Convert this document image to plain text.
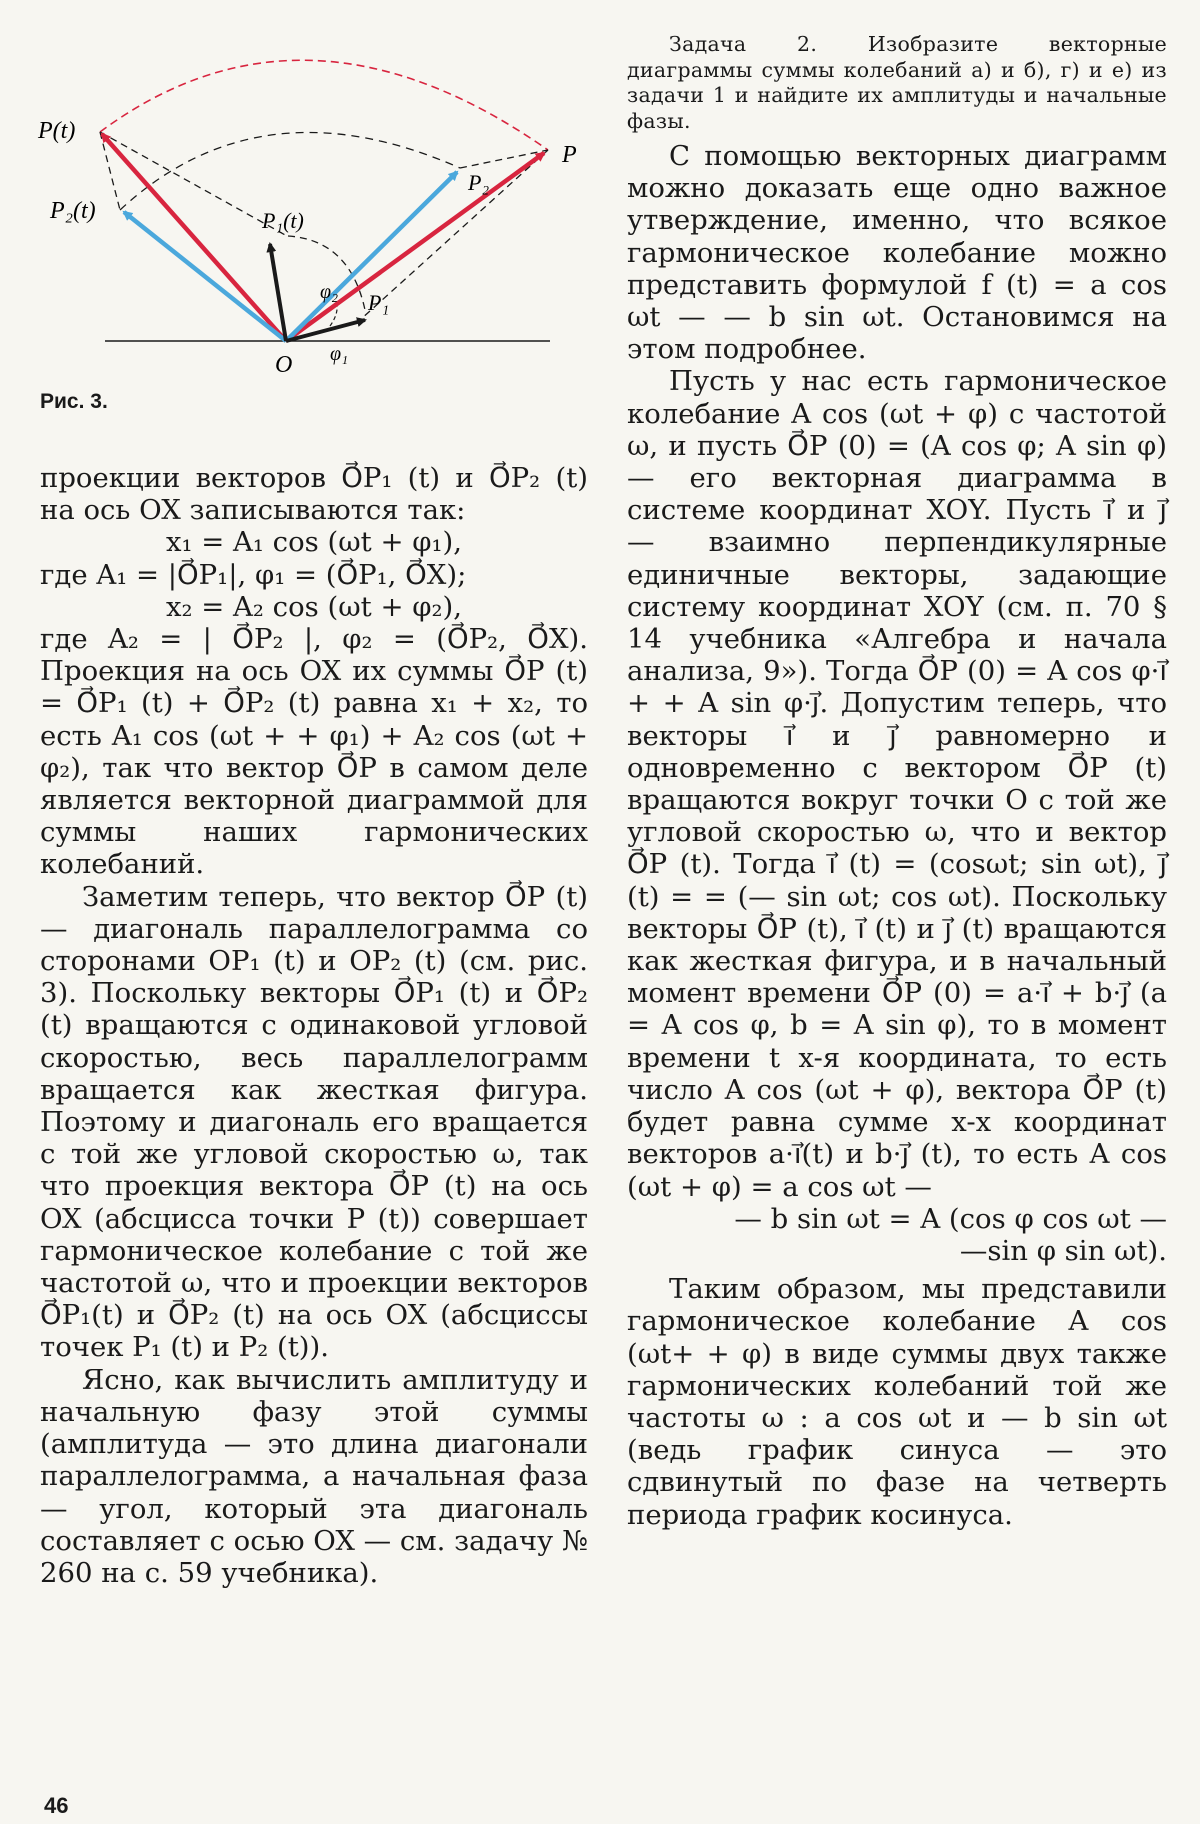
P(t)
P₂(t)	P₁(t)
P
P₂
P₁
O
φ₂
φ₁
Рис. 3.

проекции векторов O⃗P₁ (t) и O⃗P₂ (t) на ось OX записываются так:

x₁ = A₁ cos (ωt + φ₁),

где A₁ = |O⃗P₁|, φ₁ = (O⃗P₁, O⃗X);

x₂ = A₂ cos (ωt + φ₂),

где A₂ = | O⃗P₂ |, φ₂ = (O⃗P₂, O⃗X). Проекция на ось OX их суммы O⃗P (t) = O⃗P₁ (t) + O⃗P₂ (t) равна x₁ + x₂, то есть A₁ cos (ωt + + φ₁) + A₂ cos (ωt + φ₂), так что вектор O⃗P в самом деле является векторной диаграммой для суммы наших гармонических колебаний.

Заметим теперь, что вектор O⃗P (t) — диагональ параллелограмма со сторонами OP₁ (t) и OP₂ (t) (см. рис. 3). Поскольку векторы O⃗P₁ (t) и O⃗P₂ (t) вращаются с одинаковой угловой скоростью, весь параллелограмм вращается как жесткая фигура. Поэтому и диагональ его вращается с той же угловой скоростью ω, так что проекция вектора O⃗P (t) на ось OX (абсцисса точки P (t)) совершает гармоническое колебание с той же частотой ω, что и проекции векторов O⃗P₁(t) и O⃗P₂ (t) на ось OX (абсциссы точек P₁ (t) и P₂ (t)).

Ясно, как вычислить амплитуду и начальную фазу этой суммы (амплитуда — это длина диагонали параллелограмма, а начальная фаза — угол, который эта диагональ составляет с осью OX — см. задачу № 260 на с. 59 учебника).

Задача 2. Изобразите векторные диаграммы суммы колебаний а) и б), г) и е) из задачи 1 и найдите их амплитуды и начальные фазы.

С помощью векторных диаграмм можно доказать еще одно важное утверждение, именно, что всякое гармоническое колебание можно представить формулой f (t) = a cos ωt — — b sin ωt. Остановимся на этом подробнее.

Пусть у нас есть гармоническое колебание A cos (ωt + φ) с частотой ω, и пусть O⃗P (0) = (A cos φ; A sin φ) — его векторная диаграмма в системе координат XOY. Пусть i⃗ и j⃗ — взаимно перпендикулярные единичные векторы, задающие систему координат XOY (см. п. 70 § 14 учебника «Алгебра и начала анализа, 9»). Тогда O⃗P (0) = A cos φ·i⃗ + + A sin φ·j⃗. Допустим теперь, что векторы i⃗ и j⃗ равномерно и одновременно с вектором O⃗P (t) вращаются вокруг точки O с той же угловой скоростью ω, что и вектор O⃗P (t). Тогда i⃗ (t) = (cosωt; sin ωt), j⃗ (t) = = (— sin ωt; cos ωt). Поскольку векторы O⃗P (t), i⃗ (t) и j⃗ (t) вращаются как жесткая фигура, и в начальный момент времени O⃗P (0) = a·i⃗ + b·j⃗ (a = A cos φ, b = A sin φ), то в момент времени t x-я координата, то есть число A cos (ωt + φ), вектора O⃗P (t) будет равна сумме x-x координат векторов a·i⃗(t) и b·j⃗ (t), то есть A cos (ωt + φ) = a cos ωt —

— b sin ωt = A (cos φ cos ωt —

—sin φ sin ωt).

Таким образом, мы представили гармоническое колебание A cos (ωt+ + φ) в виде суммы двух также гармонических колебаний той же частоты ω : a cos ωt и — b sin ωt (ведь график синуса — это сдвинутый по фазе на четверть периода график косинуса.

46
